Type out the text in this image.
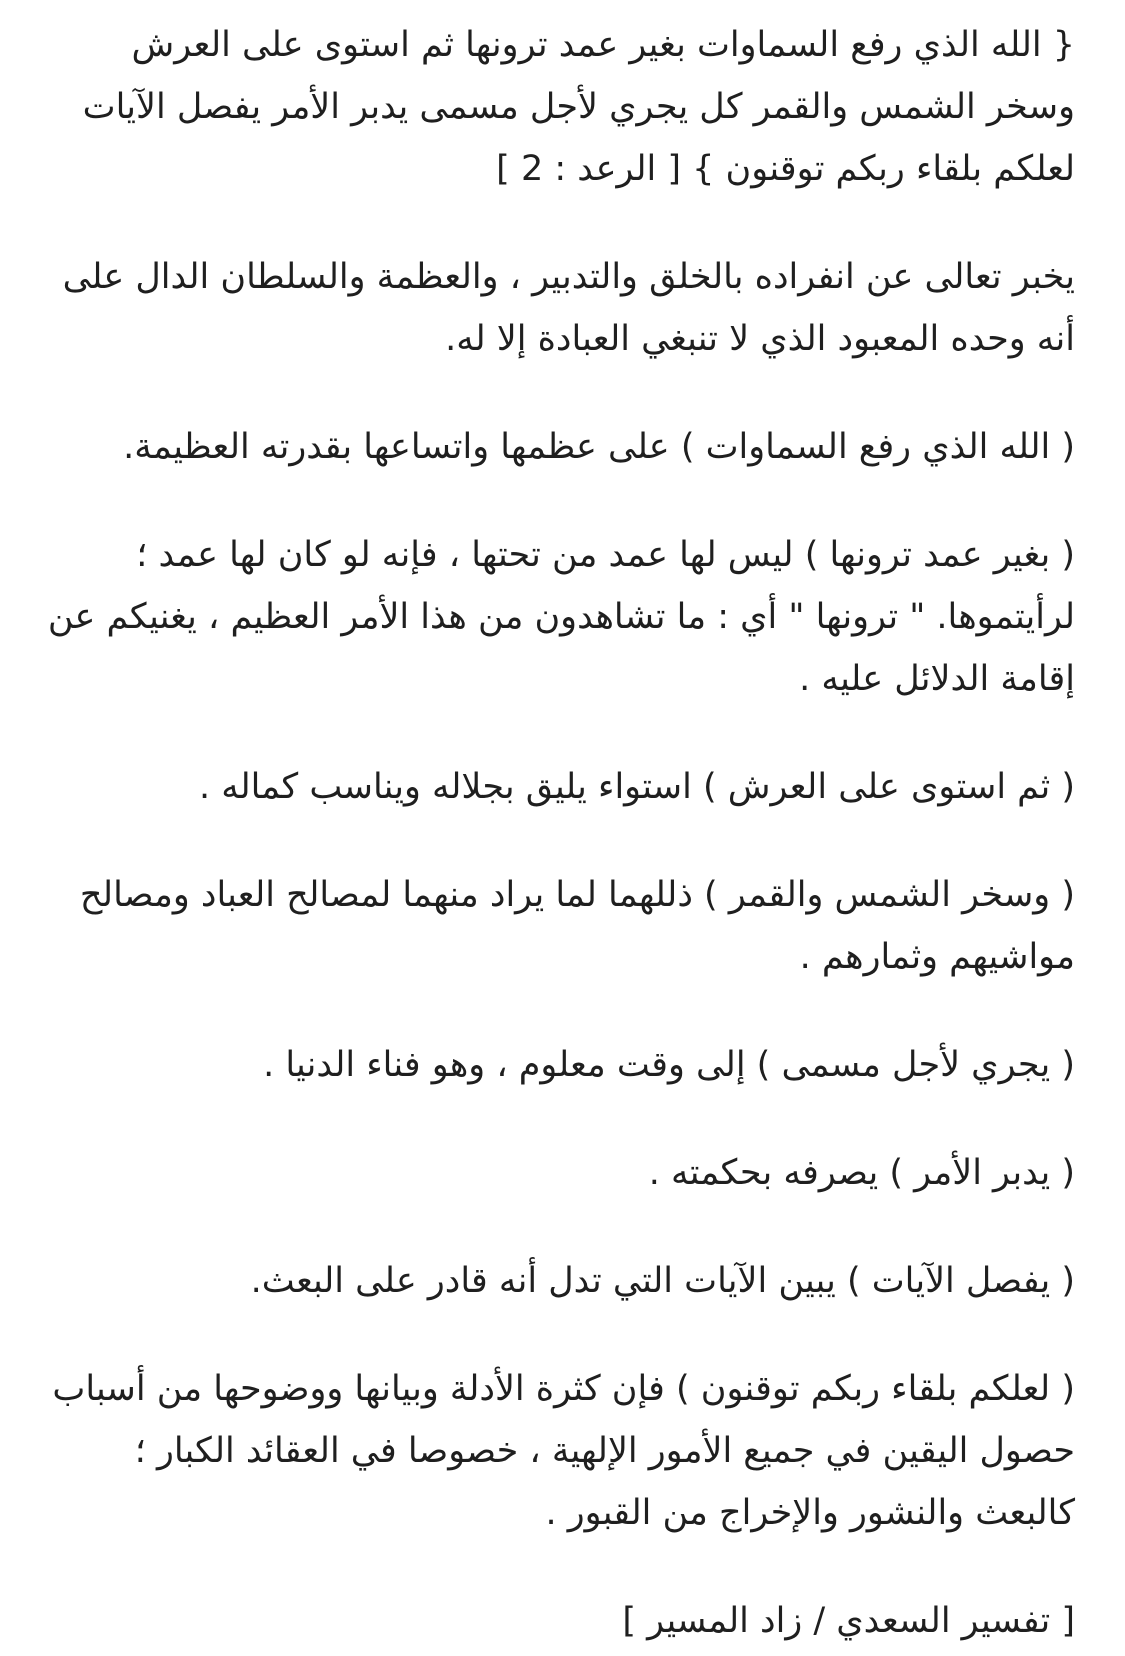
{ الله الذي رفع السماوات بغير عمد ترونها ثم استوى على العرش وسخر الشمس والقمر كل يجري لأجل مسمى يدبر الأمر يفصل الآيات لعلكم بلقاء ربكم توقنون } [ الرعد : 2 ]

يخبر تعالى عن انفراده بالخلق والتدبير ، والعظمة والسلطان الدال على أنه وحده المعبود الذي لا تنبغي العبادة إلا له.

( الله الذي رفع السماوات ) على عظمها واتساعها بقدرته العظيمة.

( بغير عمد ترونها ) ليس لها عمد من تحتها ، فإنه لو كان لها عمد ؛ لرأيتموها. " ترونها " أي : ما تشاهدون من هذا الأمر العظيم ، يغنيكم عن إقامة الدلائل عليه .

( ثم استوى على العرش ) استواء يليق بجلاله ويناسب كماله .

( وسخر الشمس والقمر ) ذللهما لما يراد منهما لمصالح العباد ومصالح مواشيهم وثمارهم .

( يجري لأجل مسمى ) إلى وقت معلوم ، وهو فناء الدنيا .

( يدبر الأمر ) يصرفه بحكمته .

( يفصل الآيات ) يبين الآيات التي تدل أنه قادر على البعث.

( لعلكم بلقاء ربكم توقنون ) فإن كثرة الأدلة وبيانها ووضوحها من أسباب حصول اليقين في جميع الأمور الإلهية ، خصوصا في العقائد الكبار ؛ كالبعث والنشور والإخراج من القبور .

[ تفسير السعدي / زاد المسير ]
